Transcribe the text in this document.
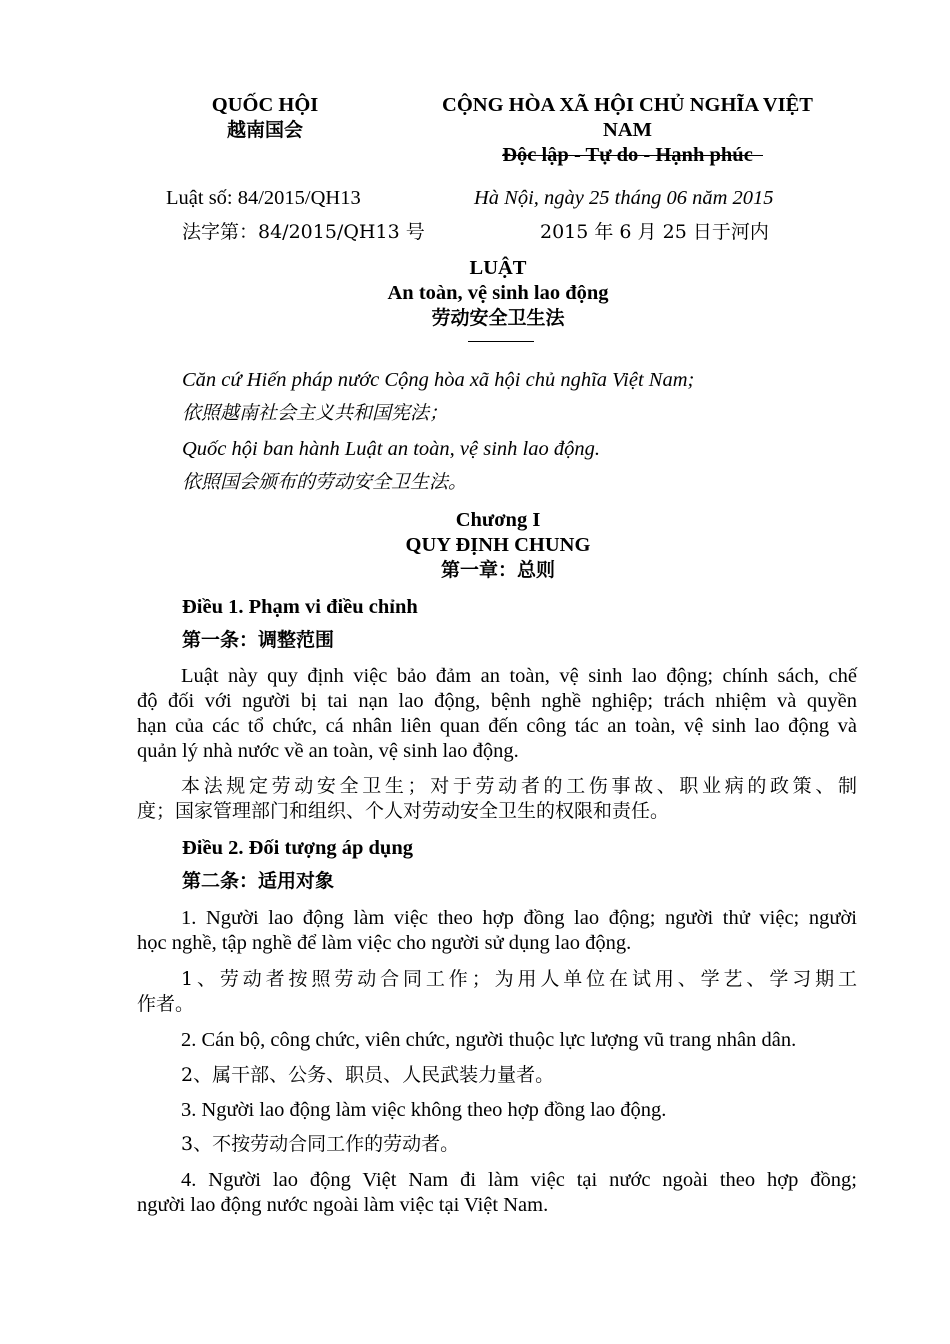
QUỐC HỘI
越南国会
CỘNG HÒA XÃ HỘI CHỦ NGHĨA VIỆT
NAM
Độc lập - Tự do - Hạnh phúc
Luật số: 84/2015/QH13	Hà Nội, ngày 25 tháng 06 năm 2015
法字第：84/2015/QH13 号	2015 年 6 月 25 日于河内
LUẬT
An toàn, vệ sinh lao động
劳动安全卫生法
Căn cứ Hiến pháp nước Cộng hòa xã hội chủ nghĩa Việt Nam;
依照越南社会主义共和国宪法；
Quốc hội ban hành Luật an toàn, vệ sinh lao động.
依照国会颁布的劳动安全卫生法。
Chương I
QUY ĐỊNH CHUNG
第一章：总则
Điều 1. Phạm vi điều chỉnh
第一条：调整范围
Luật này quy định việc bảo đảm an toàn, vệ sinh lao động; chính sách, chế
độ đối với người bị tai nạn lao động, bệnh nghề nghiệp; trách nhiệm và quyền
hạn của các tổ chức, cá nhân liên quan đến công tác an toàn, vệ sinh lao động và
quản lý nhà nước về an toàn, vệ sinh lao động.
本法规定劳动安全卫生；对于劳动者的工伤事故、职业病的政策、制
度；国家管理部门和组织、个人对劳动安全卫生的权限和责任。
Điều 2. Đối tượng áp dụng
第二条：适用对象
1. Người lao động làm việc theo hợp đồng lao động; người thử việc; người
học nghề, tập nghề để làm việc cho người sử dụng lao động.
1、劳动者按照劳动合同工作；为用人单位在试用、学艺、学习期工
作者。
2. Cán bộ, công chức, viên chức, người thuộc lực lượng vũ trang nhân dân.
2、属干部、公务、职员、人民武装力量者。
3. Người lao động làm việc không theo hợp đồng lao động.
3、不按劳动合同工作的劳动者。
4. Người lao động Việt Nam đi làm việc tại nước ngoài theo hợp đồng;
người lao động nước ngoài làm việc tại Việt Nam.
